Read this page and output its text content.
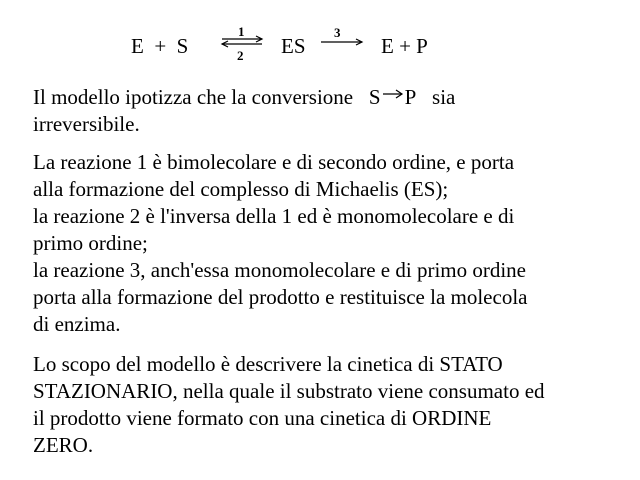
E  +  S
1
2 ES
3
E + P
Il modello ipotizza che la conversione S P sia
irreversibile.
La reazione 1 è bimolecolare e di secondo ordine, e porta
alla formazione del complesso di Michaelis (ES);
la reazione 2 è l'inversa della 1 ed è monomolecolare e di
primo ordine;
la reazione 3, anch'essa monomolecolare e di primo ordine
porta alla formazione del prodotto e restituisce la molecola
di enzima.
Lo scopo del modello è descrivere la cinetica di STATO
STAZIONARIO, nella quale il substrato viene consumato ed
il prodotto viene formato con una cinetica di ORDINE
ZERO.
